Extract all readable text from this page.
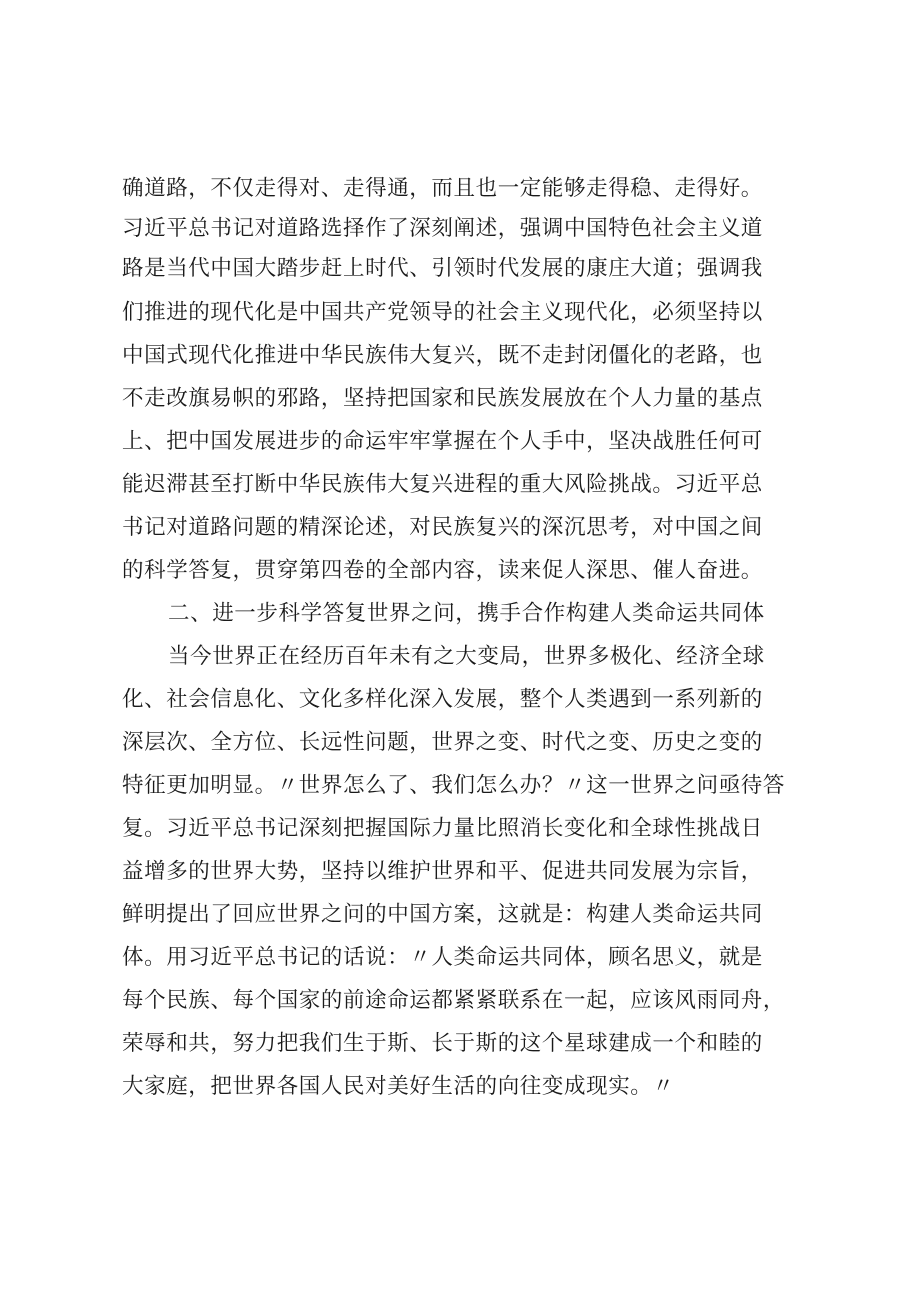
确道路，不仅走得对、走得通，而且也一定能够走得稳、走得好。
习近平总书记对道路选择作了深刻阐述，强调中国特色社会主义道
路是当代中国大踏步赶上时代、引领时代发展的康庄大道；强调我
们推进的现代化是中国共产党领导的社会主义现代化，必须坚持以
中国式现代化推进中华民族伟大复兴，既不走封闭僵化的老路，也
不走改旗易帜的邪路，坚持把国家和民族发展放在个人力量的基点
上、把中国发展进步的命运牢牢掌握在个人手中，坚决战胜任何可
能迟滞甚至打断中华民族伟大复兴进程的重大风险挑战。习近平总
书记对道路问题的精深论述，对民族复兴的深沉思考，对中国之间
的科学答复，贯穿第四卷的全部内容，读来促人深思、催人奋进。
二、进一步科学答复世界之问，携手合作构建人类命运共同体
当今世界正在经历百年未有之大变局，世界多极化、经济全球
化、社会信息化、文化多样化深入发展，整个人类遇到一系列新的
深层次、全方位、长远性问题，世界之变、时代之变、历史之变的
特征更加明显。〃世界怎么了、我们怎么办？〃这一世界之问亟待答
复。习近平总书记深刻把握国际力量比照消长变化和全球性挑战日
益增多的世界大势，坚持以维护世界和平、促进共同发展为宗旨，
鲜明提出了回应世界之问的中国方案，这就是：构建人类命运共同
体。用习近平总书记的话说：〃人类命运共同体，顾名思义，就是
每个民族、每个国家的前途命运都紧紧联系在一起，应该风雨同舟，
荣辱和共，努力把我们生于斯、长于斯的这个星球建成一个和睦的
大家庭，把世界各国人民对美好生活的向往变成现实。〃
